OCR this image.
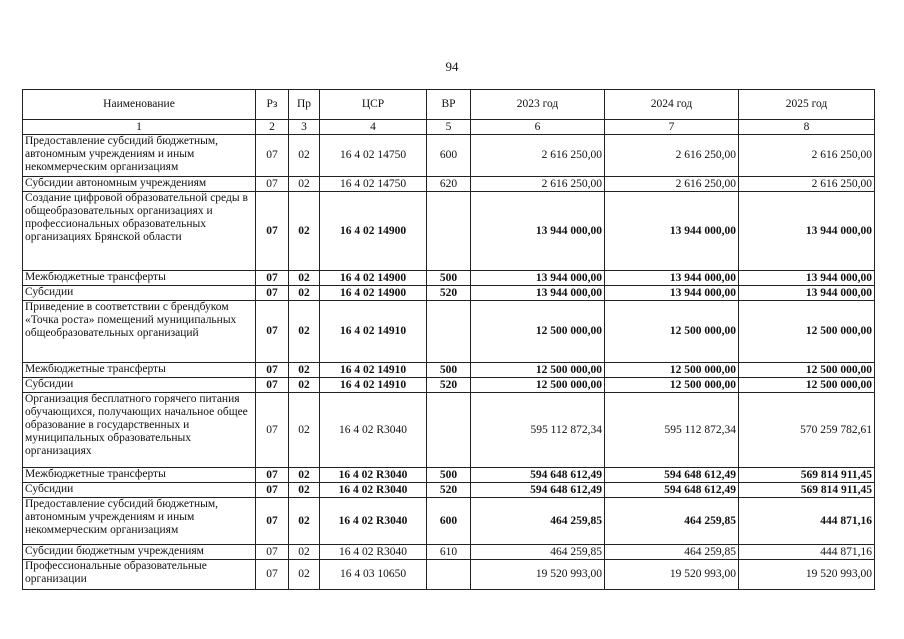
94
Наименование	Рз	Пр	ЦСР	ВР	2023 год	2024 год	2025 год
1	2	3	4	5	6	7	8
Предоставление субсидий бюджетным, автономным учреждениям и иным некоммерческим организациям	07	02	16 4 02 14750	600	2 616 250,00	2 616 250,00	2 616 250,00
Субсидии автономным учреждениям	07	02	16 4 02 14750	620	2 616 250,00	2 616 250,00	2 616 250,00
Создание цифровой образовательной среды в общеобразовательных организациях и профессиональных образовательных организациях Брянской области	07	02	16 4 02 14900		13 944 000,00	13 944 000,00	13 944 000,00
Межбюджетные трансферты	07	02	16 4 02 14900	500	13 944 000,00	13 944 000,00	13 944 000,00
Субсидии	07	02	16 4 02 14900	520	13 944 000,00	13 944 000,00	13 944 000,00
Приведение в соответствии с брендбуком «Точка роста» помещений муниципальных общеобразовательных организаций	07	02	16 4 02 14910		12 500 000,00	12 500 000,00	12 500 000,00
Межбюджетные трансферты	07	02	16 4 02 14910	500	12 500 000,00	12 500 000,00	12 500 000,00
Субсидии	07	02	16 4 02 14910	520	12 500 000,00	12 500 000,00	12 500 000,00
Организация бесплатного горячего питания обучающихся, получающих начальное общее образование в государственных и муниципальных образовательных организациях	07	02	16 4 02 R3040		595 112 872,34	595 112 872,34	570 259 782,61
Межбюджетные трансферты	07	02	16 4 02 R3040	500	594 648 612,49	594 648 612,49	569 814 911,45
Субсидии	07	02	16 4 02 R3040	520	594 648 612,49	594 648 612,49	569 814 911,45
Предоставление субсидий бюджетным, автономным учреждениям и иным некоммерческим организациям	07	02	16 4 02 R3040	600	464 259,85	464 259,85	444 871,16
Субсидии бюджетным учреждениям	07	02	16 4 02 R3040	610	464 259,85	464 259,85	444 871,16
Профессиональные образовательные организации	07	02	16 4 03 10650		19 520 993,00	19 520 993,00	19 520 993,00
